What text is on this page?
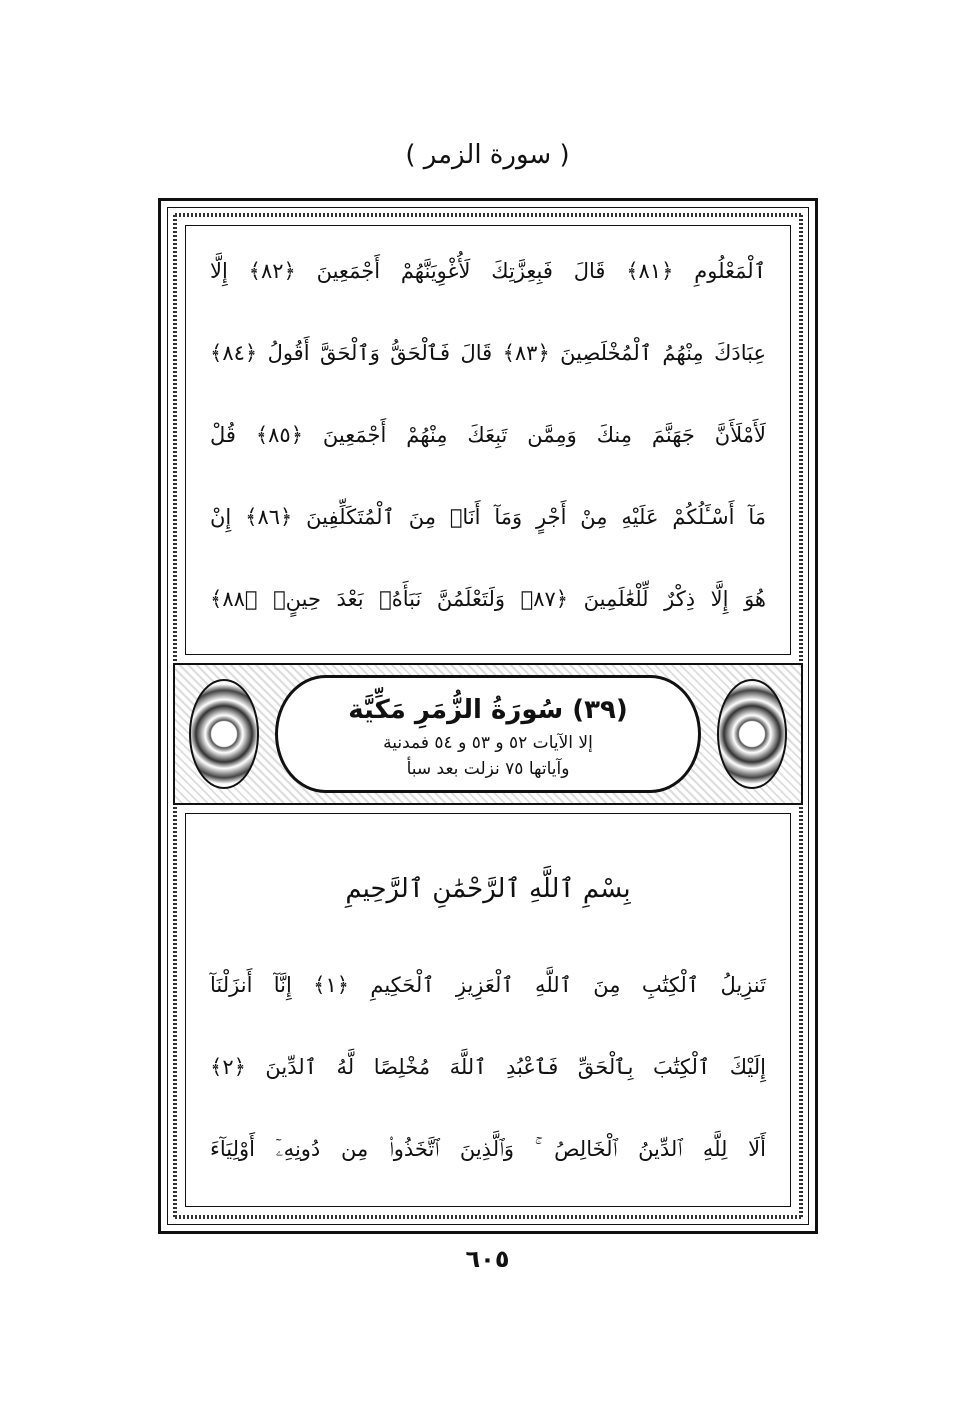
( سورة الزمر )
ٱلْمَعْلُومِ ﴿٨١﴾ قَالَ فَبِعِزَّتِكَ لَأُغْوِيَنَّهُمْ أَجْمَعِينَ ﴿٨٢﴾ إِلَّا
عِبَادَكَ مِنْهُمُ ٱلْمُخْلَصِينَ ﴿٨٣﴾ قَالَ فَٱلْحَقُّ وَٱلْحَقَّ أَقُولُ ﴿٨٤﴾
لَأَمْلَأَنَّ جَهَنَّمَ مِنكَ وَمِمَّن تَبِعَكَ مِنْهُمْ أَجْمَعِينَ ﴿٨٥﴾ قُلْ
مَآ أَسْـَٔلُكُمْ عَلَيْهِ مِنْ أَجْرٍ وَمَآ أَنَا۠ مِنَ ٱلْمُتَكَلِّفِينَ ﴿٨٦﴾ إِنْ
هُوَ إِلَّا ذِكْرٌ لِّلْعَٰلَمِينَ ﴿٨٧﴾ وَلَتَعْلَمُنَّ نَبَأَهُۥ بَعْدَ حِينٍۭ ﴿٨٨﴾
(٣٩) سُورَةُ الزُّمَرِ مَكِّيَّة
إلا الآيات ٥٢ و ٥٣ و ٥٤ فمدنية
وآياتها ٧٥ نزلت بعد سبأ
بِسْمِ ٱللَّهِ ٱلرَّحْمَٰنِ ٱلرَّحِيمِ
تَنزِيلُ ٱلْكِتَٰبِ مِنَ ٱللَّهِ ٱلْعَزِيزِ ٱلْحَكِيمِ ﴿١﴾ إِنَّآ أَنزَلْنَآ
إِلَيْكَ ٱلْكِتَٰبَ بِٱلْحَقِّ فَٱعْبُدِ ٱللَّهَ مُخْلِصًا لَّهُ ٱلدِّينَ ﴿٢﴾
أَلَا لِلَّهِ ٱلدِّينُ ٱلْخَالِصُ ۚ وَٱلَّذِينَ ٱتَّخَذُوا۟ مِن دُونِهِۦٓ أَوْلِيَآءَ
٦٠٥
